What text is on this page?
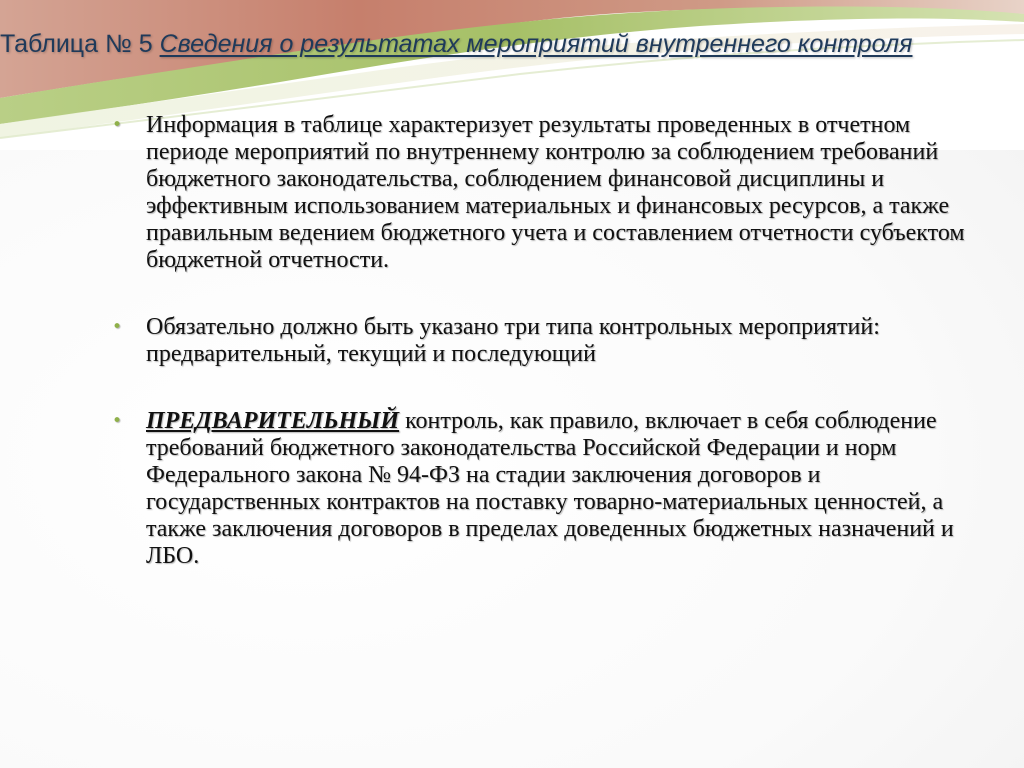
Таблица № 5 Сведения о результатах мероприятий внутреннего контроля
• Информация в таблице характеризует результаты проведенных в отчетном периоде мероприятий по внутреннему контролю за соблюдением требований бюджетного законодательства, соблюдением финансовой дисциплины и эффективным использованием материальных и финансовых ресурсов, а также правильным ведением бюджетного учета и составлением отчетности субъектом бюджетной отчетности.
• Обязательно должно быть указано три типа контрольных мероприятий: предварительный, текущий и последующий
• ПРЕДВАРИТЕЛЬНЫЙ контроль, как правило, включает в себя соблюдение требований бюджетного законодательства Российской Федерации и норм Федерального закона № 94-ФЗ на стадии заключения договоров и государственных контрактов на поставку товарно-материальных ценностей, а также заключения договоров в пределах доведенных бюджетных назначений и ЛБО.
